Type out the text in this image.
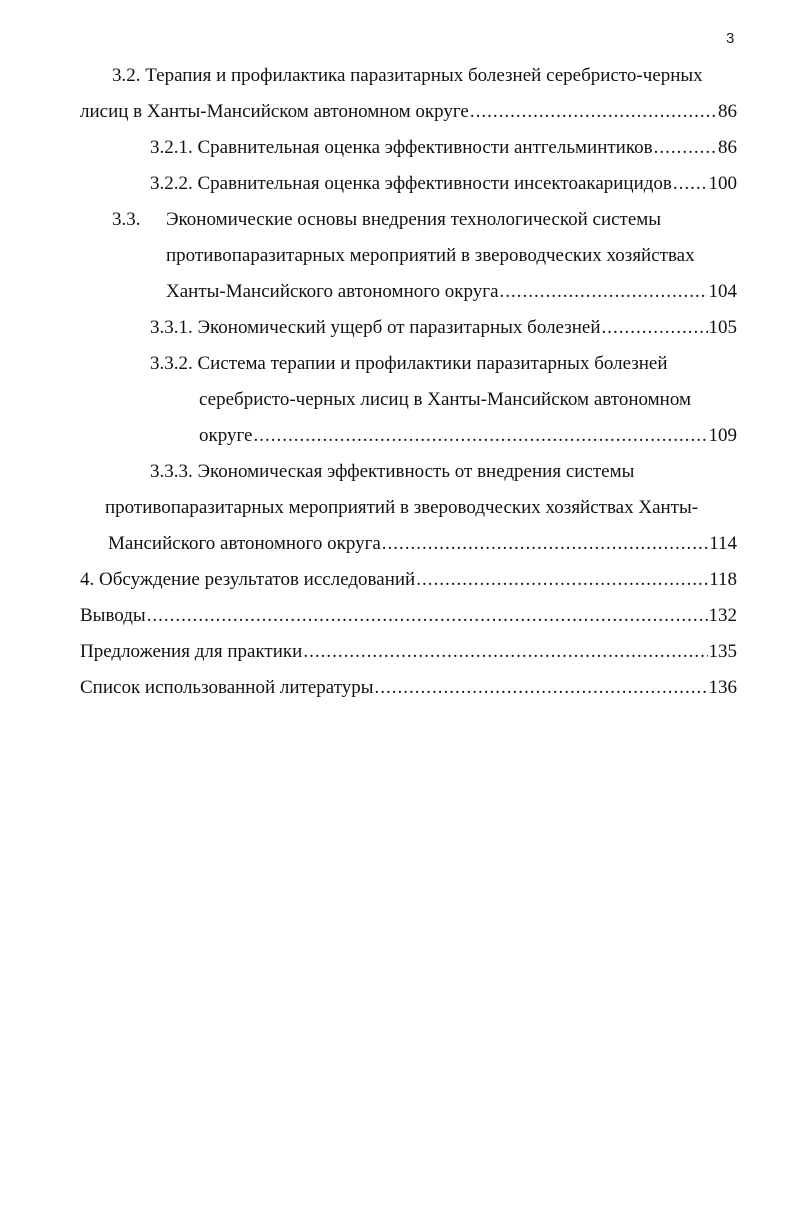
3
3.2. Терапия и профилактика паразитарных болезней серебристо-черных
лисиц в Ханты-Мансийском автономном округе .....	86
3.2.1. Сравнительная оценка эффективности антгельминтиков .....	86
3.2.2. Сравнительная оценка эффективности инсектоакарицидов ..... 100
3.3. Экономические основы внедрения технологической системы
противопаразитарных мероприятий в звероводческих хозяйствах
Ханты-Мансийского автономного округа .....	104
3.3.1. Экономический ущерб от паразитарных болезней .....	105
3.3.2. Система терапии и профилактики паразитарных болезней
серебристо-черных лисиц в Ханты-Мансийском автономном
округе .....	109
3.3.3. Экономическая эффективность от внедрения системы
противопаразитарных мероприятий в звероводческих хозяйствах Ханты-
Мансийского автономного округа .....	114
4. Обсуждение результатов исследований .....	118
Выводы .....	132
Предложения для практики .....	135
Список использованной литературы .....	136
